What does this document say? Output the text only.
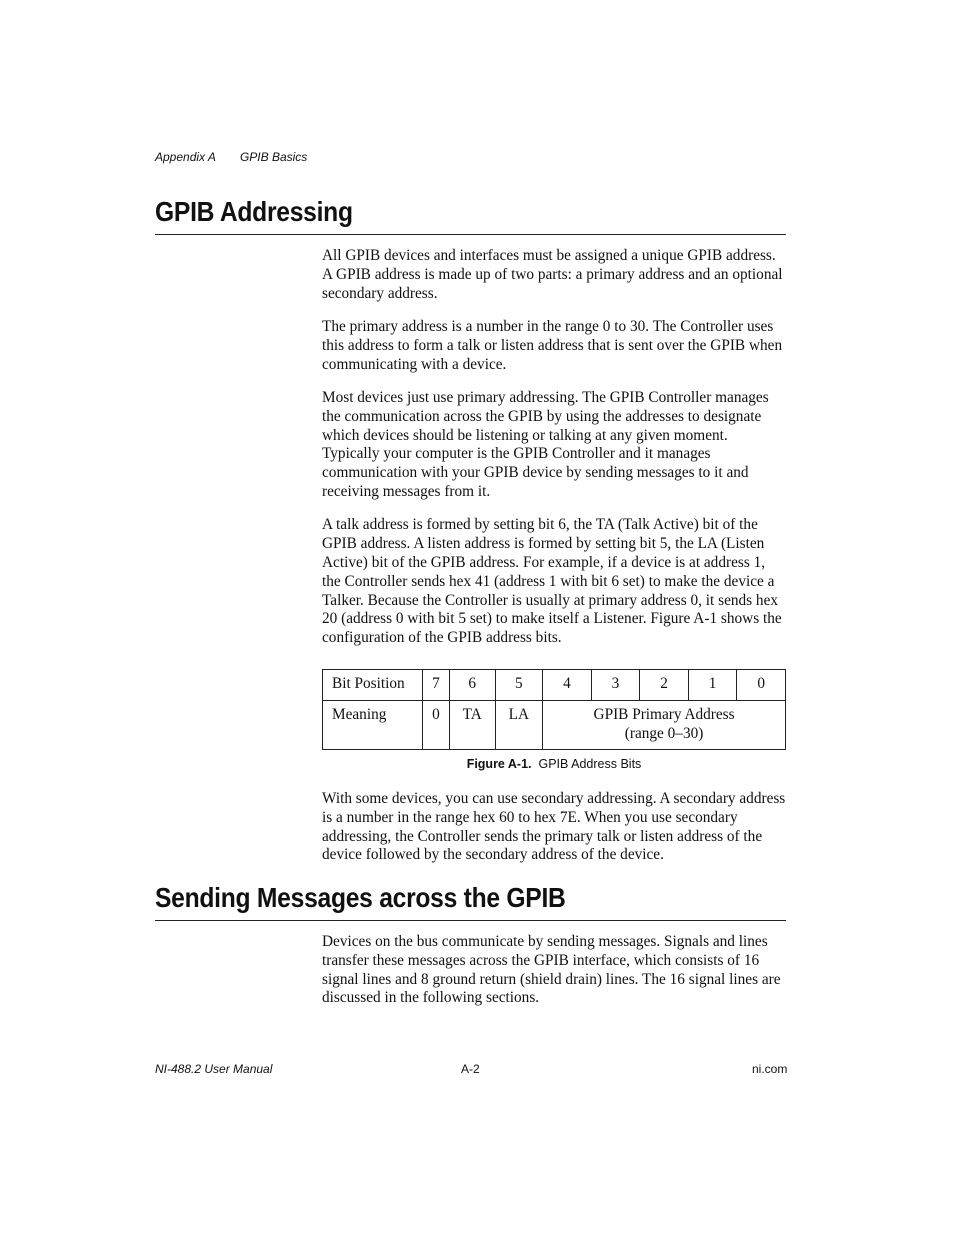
Appendix A GPIB Basics
GPIB Addressing

All GPIB devices and interfaces must be assigned a unique GPIB address. A GPIB address is made up of two parts: a primary address and an optional secondary address.

The primary address is a number in the range 0 to 30. The Controller uses this address to form a talk or listen address that is sent over the GPIB when communicating with a device.

Most devices just use primary addressing. The GPIB Controller manages the communication across the GPIB by using the addresses to designate which devices should be listening or talking at any given moment. Typically your computer is the GPIB Controller and it manages communication with your GPIB device by sending messages to it and receiving messages from it.

A talk address is formed by setting bit 6, the TA (Talk Active) bit of the GPIB address. A listen address is formed by setting bit 5, the LA (Listen Active) bit of the GPIB address. For example, if a device is at address 1, the Controller sends hex 41 (address 1 with bit 6 set) to make the device a Talker. Because the Controller is usually at primary address 0, it sends hex 20 (address 0 with bit 5 set) to make itself a Listener. Figure A-1 shows the configuration of the GPIB address bits.

Bit Position	7	6	5	4	3	2	1	0
Meaning	0	TA	LA	GPIB Primary Address
(range 0–30)				
Figure A-1. GPIB Address Bits

With some devices, you can use secondary addressing. A secondary address is a number in the range hex 60 to hex 7E. When you use secondary addressing, the Controller sends the primary talk or listen address of the device followed by the secondary address of the device.

Sending Messages across the GPIB

Devices on the bus communicate by sending messages. Signals and lines transfer these messages across the GPIB interface, which consists of 16 signal lines and 8 ground return (shield drain) lines. The 16 signal lines are discussed in the following sections.

NI-488.2 User Manual	A-2	ni.com
